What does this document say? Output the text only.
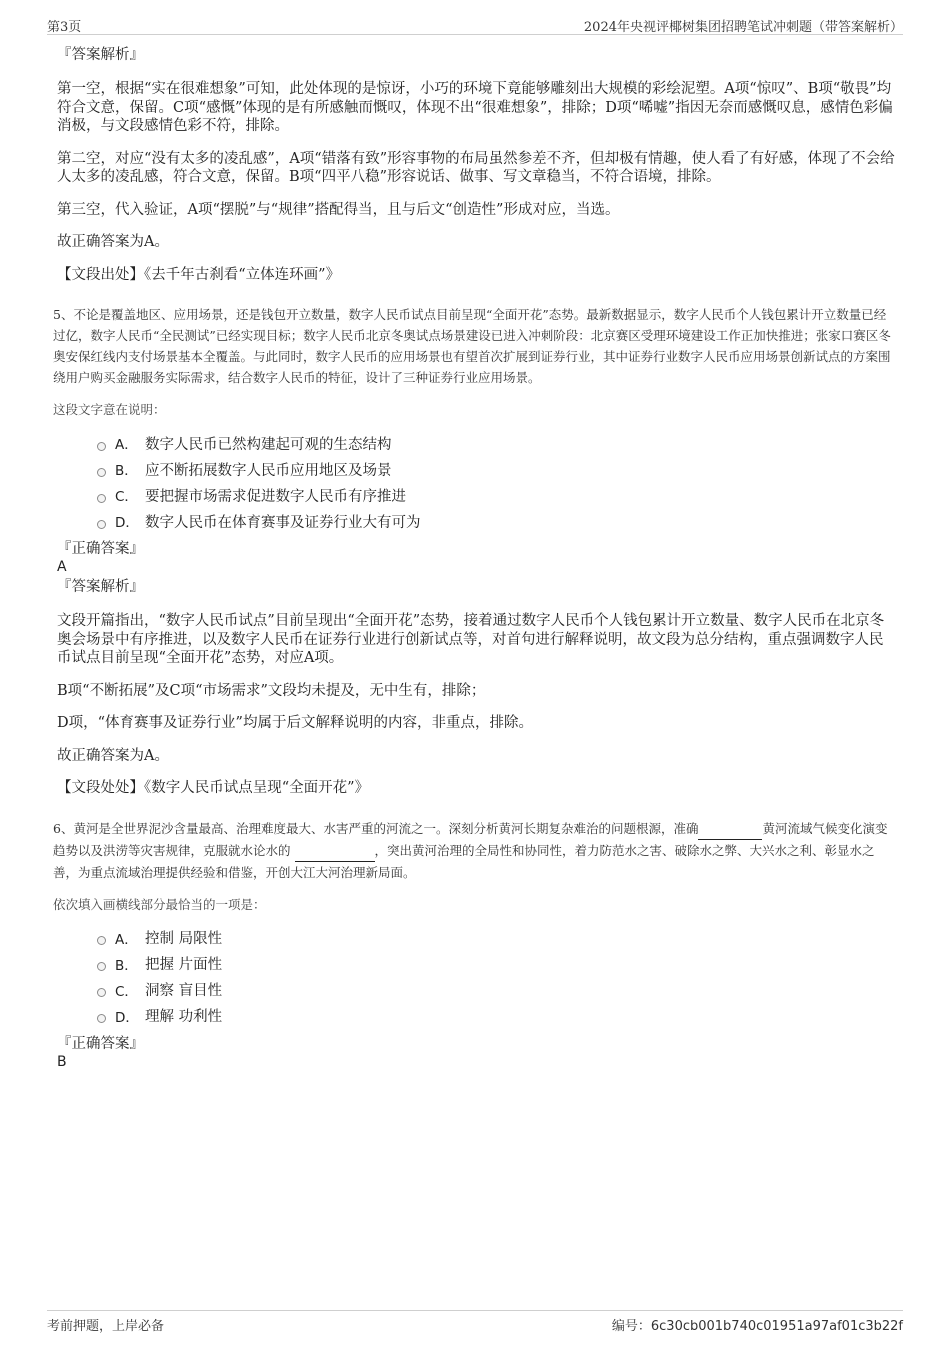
第3页	2024年央视评椰树集团招聘笔试冲刺题（带答案解析）

『答案解析』

第一空，根据“实在很难想象”可知，此处体现的是惊讶，小巧的环境下竟能够雕刻出大规模的彩绘泥塑。A项“惊叹”、B项“敬畏”均符合文意，保留。C项“感慨”体现的是有所感触而慨叹，体现不出“很难想象”，排除；D项“唏嘘”指因无奈而感慨叹息，感情色彩偏消极，与文段感情色彩不符，排除。

第二空，对应“没有太多的凌乱感”，A项“错落有致”形容事物的布局虽然参差不齐，但却极有情趣，使人看了有好感，体现了不会给人太多的凌乱感，符合文意，保留。B项“四平八稳”形容说话、做事、写文章稳当，不符合语境，排除。

第三空，代入验证，A项“摆脱”与“规律”搭配得当，且与后文“创造性”形成对应，当选。

故正确答案为A。

【文段出处】《去千年古刹看“立体连环画”》

5、不论是覆盖地区、应用场景，还是钱包开立数量，数字人民币试点目前呈现“全面开花”态势。最新数据显示，数字人民币个人钱包累计开立数量已经过亿，数字人民币“全民测试”已经实现目标；数字人民币北京冬奥试点场景建设已进入冲刺阶段：北京赛区受理环境建设工作正加快推进；张家口赛区冬奥安保红线内支付场景基本全覆盖。与此同时，数字人民币的应用场景也有望首次扩展到证券行业，其中证券行业数字人民币应用场景创新试点的方案围绕用户购买金融服务实际需求，结合数字人民币的特征，设计了三种证券行业应用场景。

这段文字意在说明：

A． 数字人民币已然构建起可观的生态结构
B． 应不断拓展数字人民币应用地区及场景
C． 要把握市场需求促进数字人民币有序推进
D． 数字人民币在体育赛事及证券行业大有可为

『正确答案』

A

『答案解析』

文段开篇指出，“数字人民币试点”目前呈现出“全面开花”态势，接着通过数字人民币个人钱包累计开立数量、数字人民币在北京冬奥会场景中有序推进，以及数字人民币在证券行业进行创新试点等，对首句进行解释说明，故文段为总分结构，重点强调数字人民币试点目前呈现“全面开花”态势，对应A项。

B项“不断拓展”及C项“市场需求”文段均未提及，无中生有，排除；

D项，“体育赛事及证券行业”均属于后文解释说明的内容，非重点，排除。

故正确答案为A。

【文段处处】《数字人民币试点呈现“全面开花”》

6、黄河是全世界泥沙含量最高、治理难度最大、水害严重的河流之一。深刻分析黄河长期复杂难治的问题根源，准确	黄河流域气候变化演变趋势以及洪涝等灾害规律，克服就水论水的	，突出黄河治理的全局性和协同性，着力防范水之害、破除水之弊、大兴水之利、彰显水之善，为重点流域治理提供经验和借鉴，开创大江大河治理新局面。

依次填入画横线部分最恰当的一项是：

A． 控制 局限性
B． 把握 片面性
C． 洞察 盲目性
D． 理解 功利性

『正确答案』

B

考前押题，上岸必备	编号：6c30cb001b740c01951a97af01c3b22f
